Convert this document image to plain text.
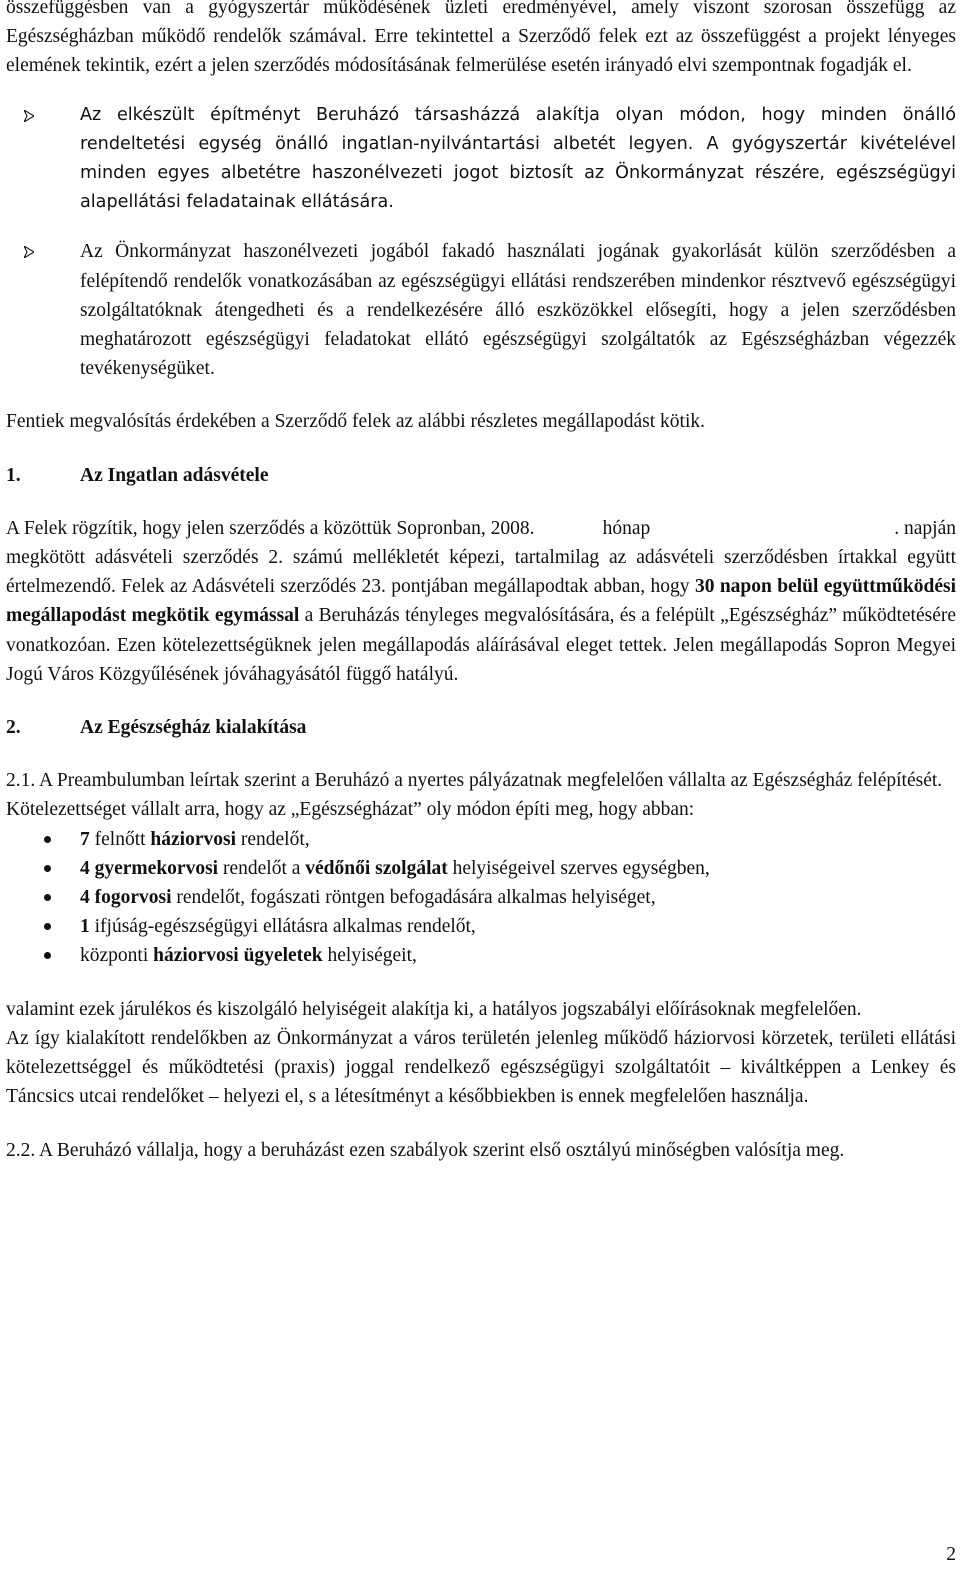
összefüggésben van a gyógyszertár működésének üzleti eredményével, amely viszont szorosan összefügg az Egészségházban működő rendelők számával. Erre tekintettel a Szerződő felek ezt az összefüggést a projekt lényeges elemének tekintik, ezért a jelen szerződés módosításának felmerülése esetén irányadó elvi szempontnak fogadják el.

Az elkészült építményt Beruházó társasházzá alakítja olyan módon, hogy minden önálló rendeltetési egység önálló ingatlan-nyilvántartási albetét legyen. A gyógyszertár kivételével minden egyes albetétre haszonélvezeti jogot biztosít az Önkormányzat részére, egészségügyi alapellátási feladatainak ellátására.

Az Önkormányzat haszonélvezeti jogából fakadó használati jogának gyakorlását külön szerződésben a felépítendő rendelők vonatkozásában az egészségügyi ellátási rendszerében mindenkor résztvevő egészségügyi szolgáltatóknak átengedheti és a rendelkezésére álló eszközökkel elősegíti, hogy a jelen szerződésben meghatározott egészségügyi feladatokat ellátó egészségügyi szolgáltatók az Egészségházban végezzék tevékenységüket.

Fentiek megvalósítás érdekében a Szerződő felek az alábbi részletes megállapodást kötik.

1.	Az Ingatlan adásvétele

A Felek rögzítik, hogy jelen szerződés a közöttük Sopronban, 2008.	hónap	. napján

megkötött adásvételi szerződés 2. számú mellékletét képezi, tartalmilag az adásvételi szerződésben írtakkal együtt értelmezendő. Felek az Adásvételi szerződés 23. pontjában megállapodtak abban, hogy 30 napon belül együttműködési megállapodást megkötik egymással a Beruházás tényleges megvalósítására, és a felépült „Egészségház” működtetésére vonatkozóan. Ezen kötelezettségüknek jelen megállapodás aláírásával eleget tettek. Jelen megállapodás Sopron Megyei Jogú Város Közgyűlésének jóváhagyásától függő hatályú.

2.	Az Egészségház kialakítása

2.1. A Preambulumban leírtak szerint a Beruházó a nyertes pályázatnak megfelelően vállalta az Egészségház felépítését.

Kötelezettséget vállalt arra, hogy az „Egészségházat” oly módon építi meg, hogy abban:

7 felnőtt háziorvosi rendelőt,
4 gyermekorvosi rendelőt a védőnői szolgálat helyiségeivel szerves egységben,
4 fogorvosi rendelőt, fogászati röntgen befogadására alkalmas helyiséget,
1 ifjúság-egészségügyi ellátásra alkalmas rendelőt,
központi háziorvosi ügyeletek helyiségeit,

valamint ezek járulékos és kiszolgáló helyiségeit alakítja ki, a hatályos jogszabályi előírásoknak megfelelően.

Az így kialakított rendelőkben az Önkormányzat a város területén jelenleg működő háziorvosi körzetek, területi ellátási kötelezettséggel és működtetési (praxis) joggal rendelkező egészségügyi szolgáltatóit – kiváltképpen a Lenkey és Táncsics utcai rendelőket – helyezi el, s a létesítményt a későbbiekben is ennek megfelelően használja.

2.2. A Beruházó vállalja, hogy a beruházást ezen szabályok szerint első osztályú minőségben valósítja meg.

2
